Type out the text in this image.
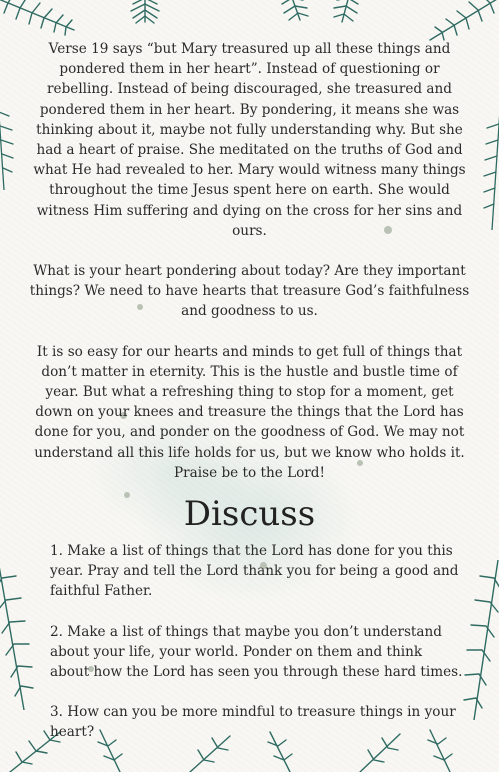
Verse 19 says “but Mary treasured up all these things and pondered them in her heart”. Instead of questioning or rebelling. Instead of being discouraged, she treasured and pondered them in her heart. By pondering, it means she was thinking about it, maybe not fully understanding why. But she had a heart of praise. She meditated on the truths of God and what He had revealed to her. Mary would witness many things throughout the time Jesus spent here on earth. She would witness Him suffering and dying on the cross for her sins and ours.

What is your heart pondering about today? Are they important things? We need to have hearts that treasure God’s faithfulness and goodness to us.

It is so easy for our hearts and minds to get full of things that don’t matter in eternity. This is the hustle and bustle time of year. But what a refreshing thing to stop for a moment, get down on your knees and treasure the things that the Lord has done for you, and ponder on the goodness of God. We may not understand all this life holds for us, but we know who holds it. Praise be to the Lord!

Discuss

1. Make a list of things that the Lord has done for you this year. Pray and tell the Lord thank you for being a good and faithful Father.

2. Make a list of things that maybe you don’t understand about your life, your world. Ponder on them and think about how the Lord has seen you through these hard times.

3. How can you be more mindful to treasure things in your heart?
